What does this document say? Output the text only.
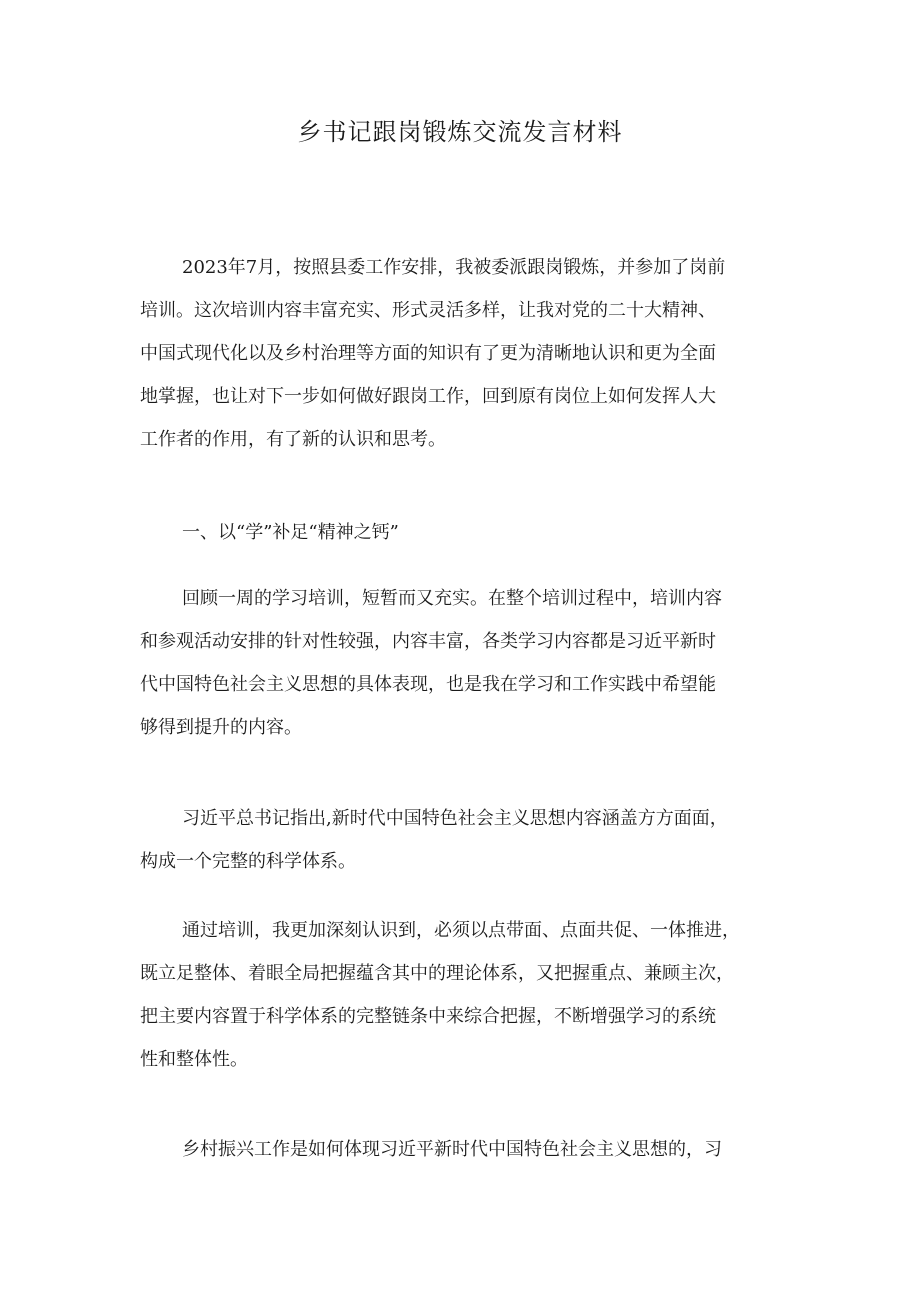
乡书记跟岗锻炼交流发言材料

2023年7月，按照县委工作安排，我被委派跟岗锻炼，并参加了岗前
培训。这次培训内容丰富充实、形式灵活多样，让我对党的二十大精神、
中国式现代化以及乡村治理等方面的知识有了更为清晰地认识和更为全面
地掌握，也让对下一步如何做好跟岗工作，回到原有岗位上如何发挥人大
工作者的作用，有了新的认识和思考。

一、以“学”补足“精神之钙”

回顾一周的学习培训，短暂而又充实。在整个培训过程中，培训内容
和参观活动安排的针对性较强，内容丰富，各类学习内容都是习近平新时
代中国特色社会主义思想的具体表现，也是我在学习和工作实践中希望能
够得到提升的内容。

习近平总书记指出,新时代中国特色社会主义思想内容涵盖方方面面，
构成一个完整的科学体系。

通过培训，我更加深刻认识到，必须以点带面、点面共促、一体推进，
既立足整体、着眼全局把握蕴含其中的理论体系，又把握重点、兼顾主次，
把主要内容置于科学体系的完整链条中来综合把握，不断增强学习的系统
性和整体性。

乡村振兴工作是如何体现习近平新时代中国特色社会主义思想的，习
